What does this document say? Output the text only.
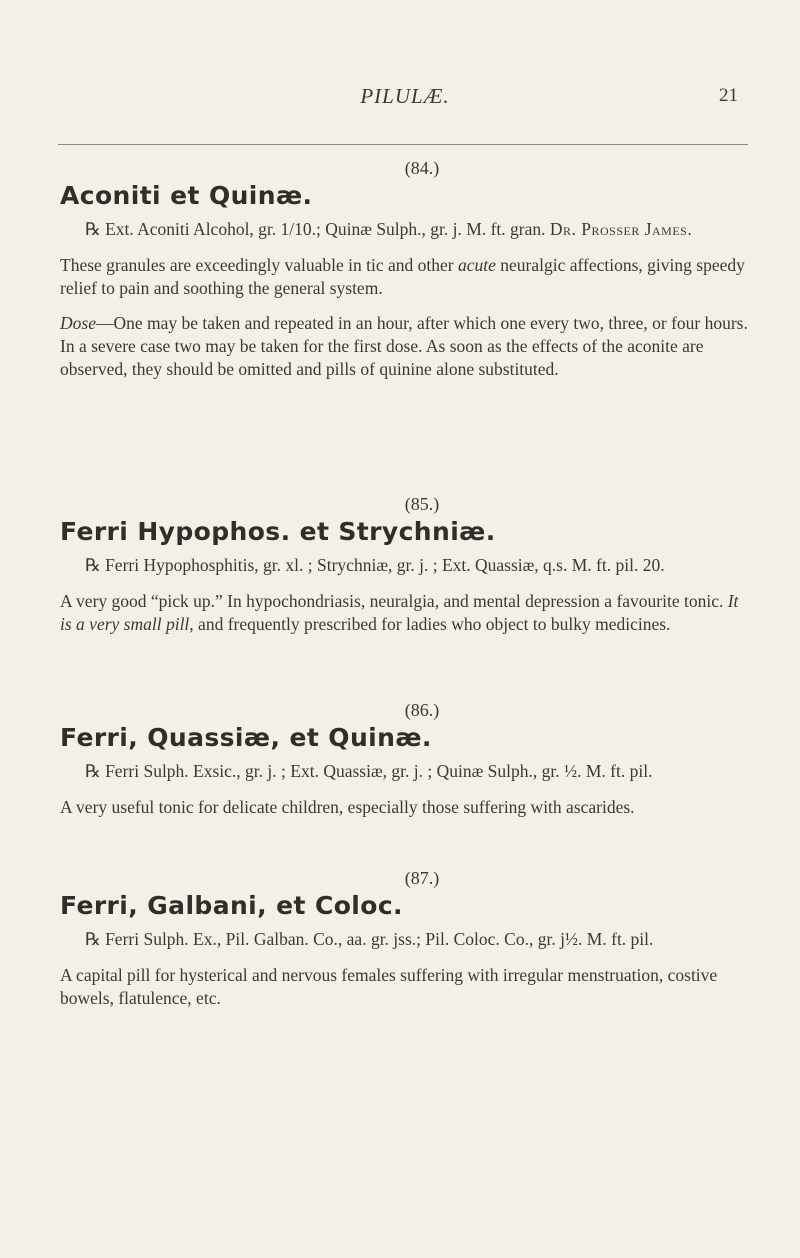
PILULÆ.	21
(84.)
Aconiti et Quinæ.

℞ Ext. Aconiti Alcohol, gr. 1/10.; Quinæ Sulph., gr. j. M. ft. gran. Dr. Prosser James.

These granules are exceedingly valuable in tic and other acute neuralgic affections, giving speedy relief to pain and soothing the general system.

Dose—One may be taken and repeated in an hour, after which one every two, three, or four hours. In a severe case two may be taken for the first dose. As soon as the effects of the aconite are observed, they should be omitted and pills of quinine alone substituted.

(85.)
Ferri Hypophos. et Strychniæ.

℞ Ferri Hypophosphitis, gr. xl. ; Strychniæ, gr. j. ; Ext. Quassiæ, q.s. M. ft. pil. 20.

A very good “pick up.” In hypochondriasis, neuralgia, and mental depression a favourite tonic. It is a very small pill, and frequently prescribed for ladies who object to bulky medicines.

(86.)
Ferri, Quassiæ, et Quinæ.

℞ Ferri Sulph. Exsic., gr. j. ; Ext. Quassiæ, gr. j. ; Quinæ Sulph., gr. ½. M. ft. pil.

A very useful tonic for delicate children, especially those suffering with ascarides.

(87.)
Ferri, Galbani, et Coloc.

℞ Ferri Sulph. Ex., Pil. Galban. Co., aa. gr. jss.; Pil. Coloc. Co., gr. j½. M. ft. pil.

A capital pill for hysterical and nervous females suffering with irregular menstruation, costive bowels, flatulence, etc.
